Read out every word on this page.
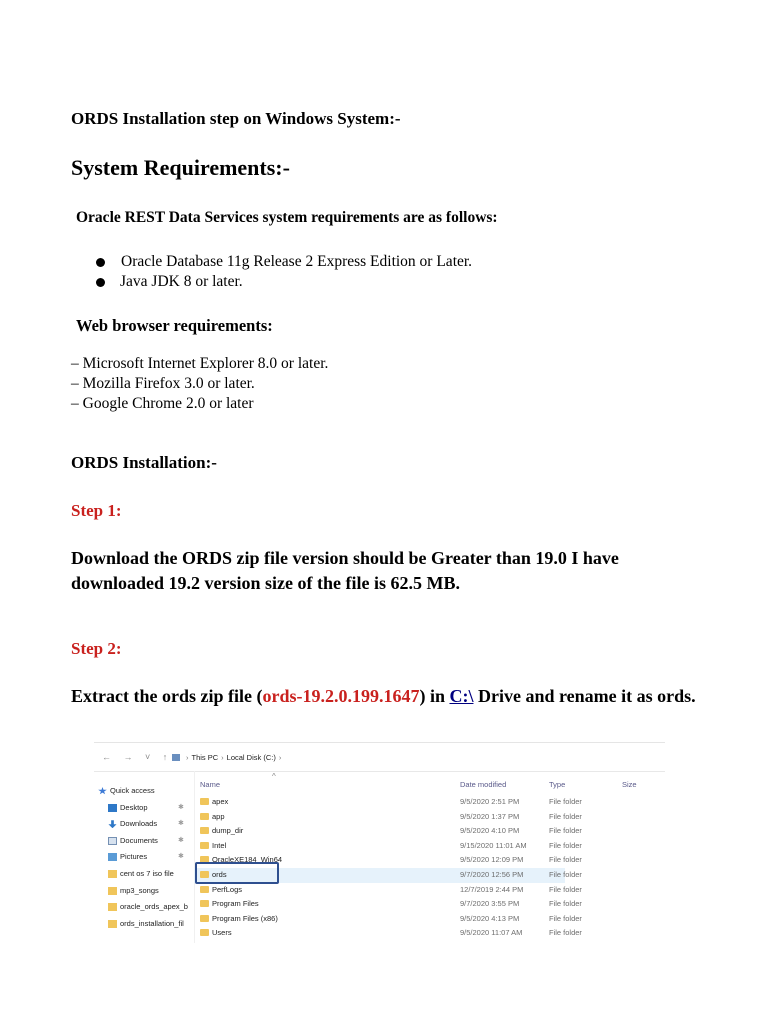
ORDS Installation step on Windows System:-
System Requirements:-
Oracle REST Data Services system requirements are as follows:
Oracle Database 11g Release 2 Express Edition or Later.
Java JDK 8 or later.
Web browser requirements:
– Microsoft Internet Explorer 8.0 or later.
– Mozilla Firefox 3.0 or later.
– Google Chrome 2.0 or later
ORDS Installation:-
Step 1:
Download the ORDS zip file version should be Greater than 19.0 I have downloaded 19.2 version size of the file is 62.5 MB.
Step 2:
Extract the ords zip file (ords-19.2.0.199.1647) in C:\ Drive and rename it as ords.
← → ˅ ↑	› This PC › Local Disk (C:) ›
Quick access
Desktop	✱
Downloads	✱
Documents	✱
Pictures	✱
cent os 7 iso file
mp3_songs
oracle_ords_apex_b
ords_installation_fil
^
Name	Date modified	Type	Size
apex	9/5/2020 2:51 PM	File folder
app	9/5/2020 1:37 PM	File folder
dump_dir	9/5/2020 4:10 PM	File folder
Intel	9/15/2020 11:01 AM	File folder
OracleXE184_Win64	9/5/2020 12:09 PM	File folder
ords	9/7/2020 12:56 PM	File folder
PerfLogs	12/7/2019 2:44 PM	File folder
Program Files	9/7/2020 3:55 PM	File folder
Program Files (x86)	9/5/2020 4:13 PM	File folder
Users	9/5/2020 11:07 AM	File folder
